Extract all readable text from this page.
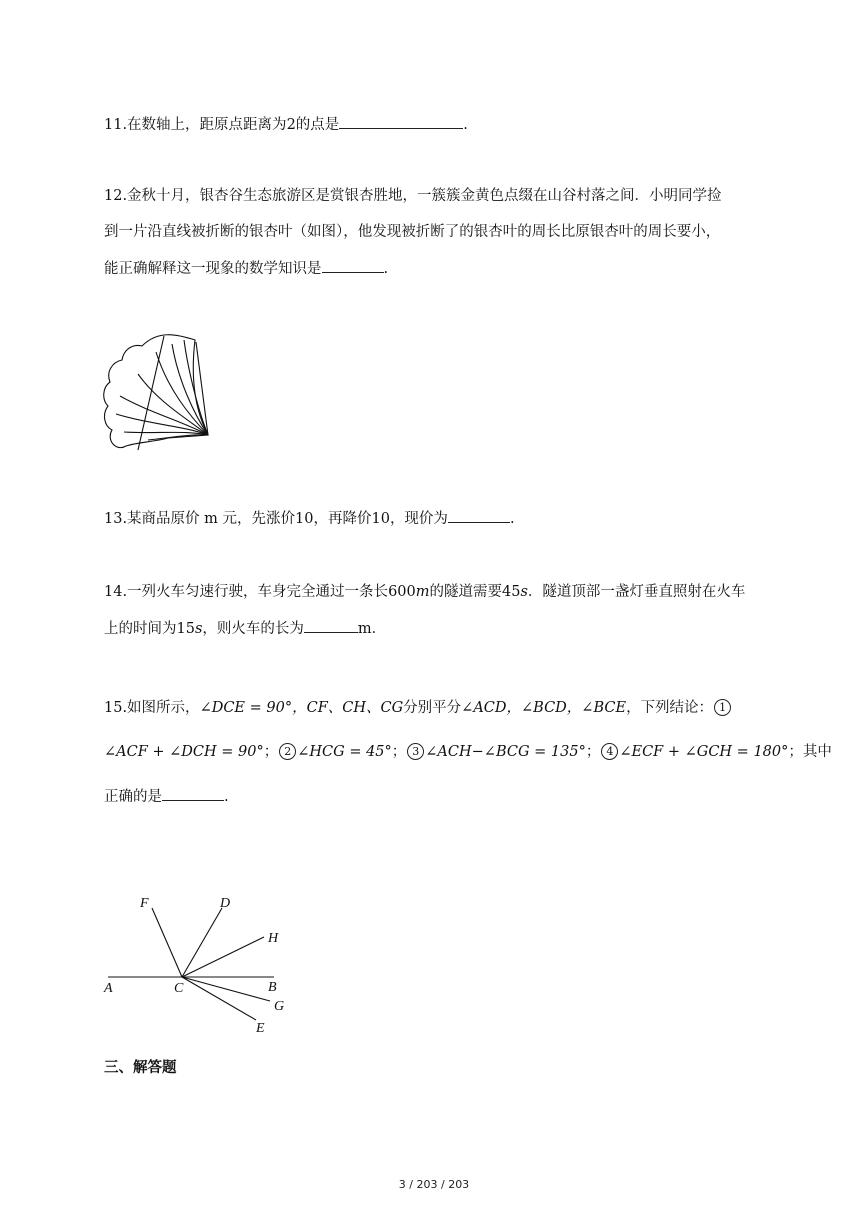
11.在数轴上，距原点距离为2的点是	.
12.金秋十月，银杏谷生态旅游区是赏银杏胜地，一簇簇金黄色点缀在山谷村落之间．小明同学捡
到一片沿直线被折断的银杏叶（如图），他发现被折断了的银杏叶的周长比原银杏叶的周长要小，
能正确解释这一现象的数学知识是	.
13.某商品原价 m 元，先涨价10，再降价10，现价为	.
14.一列火车匀速行驶，车身完全通过一条长600m的隧道需要45s．隧道顶部一盏灯垂直照射在火车
上的时间为15s，则火车的长为	m．
15.如图所示，∠DCE = 90°，CF、CH、CG分别平分∠ACD，∠BCD，∠BCE，下列结论： 1
∠ACF + ∠DCH = 90°； 2 ∠HCG = 45°； 3 ∠ACH−∠BCG = 135°； 4 ∠ECF + ∠GCH = 180°；其中
正确的是	.
F	D
H
A	C	B
G
E
三、解答题
3 / 203 / 203
